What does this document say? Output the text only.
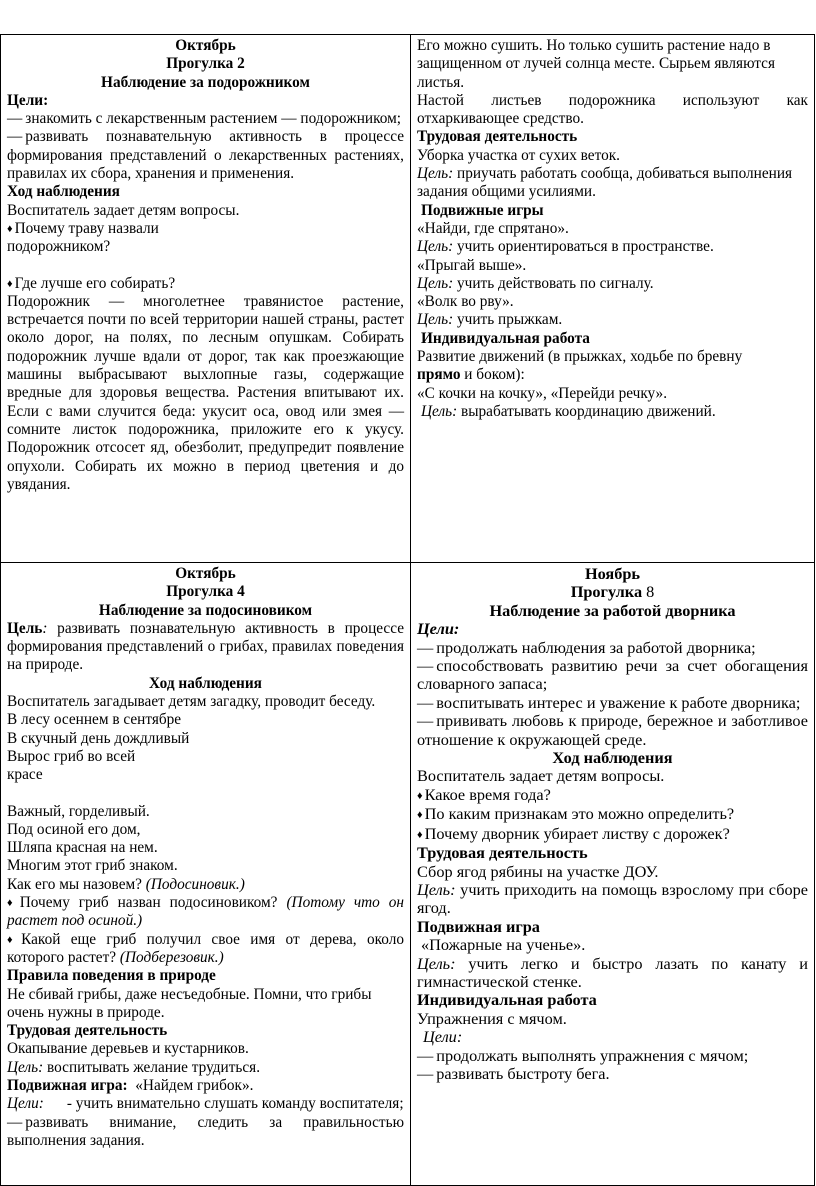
Октябрь
Прогулка 2
Наблюдение за подорожником
Цели:
— знакомить с лекарственным растением — подорожником;
— развивать познавательную активность в процессе формирования представлений о лекарственных растениях, правилах их сбора, хранения и применения.
Ход наблюдения
Воспитатель задает детям вопросы.
♦ Почему траву назвали
подорожником?
♦ Где лучше его собирать?
Подорожник — многолетнее травянистое растение, встречается почти по всей территории нашей страны, растет около дорог, на полях, по лесным опушкам. Собирать подорожник лучше вдали от дорог, так как проезжающие машины выбрасывают выхлопные газы, содержащие вредные для здоровья вещества. Растения впитывают их. Если с вами случится беда: укусит оса, овод или змея — сомните листок подорожника, приложите его к укусу. Подорожник отсосет яд, обезболит, предупредит появление опухоли. Собирать их можно в период цветения и до увядания.
Его можно сушить. Но только сушить растение надо в защищенном от лучей солнца месте. Сырьем являются листья.
Настой листьев подорожника используют как отхаркивающее средство.
Трудовая деятельность
Уборка участка от сухих веток.
Цель: приучать работать сообща, добиваться выполнения задания общими усилиями.
Подвижные игры
«Найди, где спрятано».
Цель: учить ориентироваться в пространстве.
«Прыгай выше».
Цель: учить действовать по сигналу.
«Волк во рву».
Цель: учить прыжкам.
Индивидуальная работа
Развитие движений (в прыжках, ходьбе по бревну
прямо и боком):
«С кочки на кочку», «Перейди речку».
Цель: вырабатывать координацию движений.
Октябрь
Прогулка 4
Наблюдение за подосиновиком
Цель: развивать познавательную активность в процессе формирования представлений о грибах, правилах поведения на природе.
Ход наблюдения
Воспитатель загадывает детям загадку, проводит беседу.
В лесу осеннем в сентябре
В скучный день дождливый
Вырос гриб во всей
красе
Важный, горделивый.
Под осиной его дом,
Шляпа красная на нем.
Многим этот гриб знаком.
Как его мы назовем? (Подосиновик.)
♦ Почему гриб назван подосиновиком? (Потому что он растет под осиной.)
♦ Какой еще гриб получил свое имя от дерева, около которого растет? (Подберезовик.)
Правила поведения в природе
Не сбивай грибы, даже несъедобные. Помни, что грибы очень нужны в природе.
Трудовая деятельность
Окапывание деревьев и кустарников.
Цель: воспитывать желание трудиться.
Подвижная игра: «Найдем грибок».
Цели: - учить внимательно слушать команду воспитателя;
— развивать внимание, следить за правильностью выполнения задания.
Ноябрь
Прогулка 8
Наблюдение за работой дворника
Цели:
— продолжать наблюдения за работой дворника;
— способствовать развитию речи за счет обогащения словарного запаса;
— воспитывать интерес и уважение к работе дворника;
— прививать любовь к природе, бережное и заботливое отношение к окружающей среде.
Ход наблюдения
Воспитатель задает детям вопросы.
♦ Какое время года?
♦ По каким признакам это можно определить?
♦ Почему дворник убирает листву с дорожек?
Трудовая деятельность
Сбор ягод рябины на участке ДОУ.
Цель: учить приходить на помощь взрослому при сборе ягод.
Подвижная игра
«Пожарные на ученье».
Цель: учить легко и быстро лазать по канату и гимнастической стенке.
Индивидуальная работа
Упражнения с мячом.
Цели:
— продолжать выполнять упражнения с мячом;
— развивать быстроту бега.
